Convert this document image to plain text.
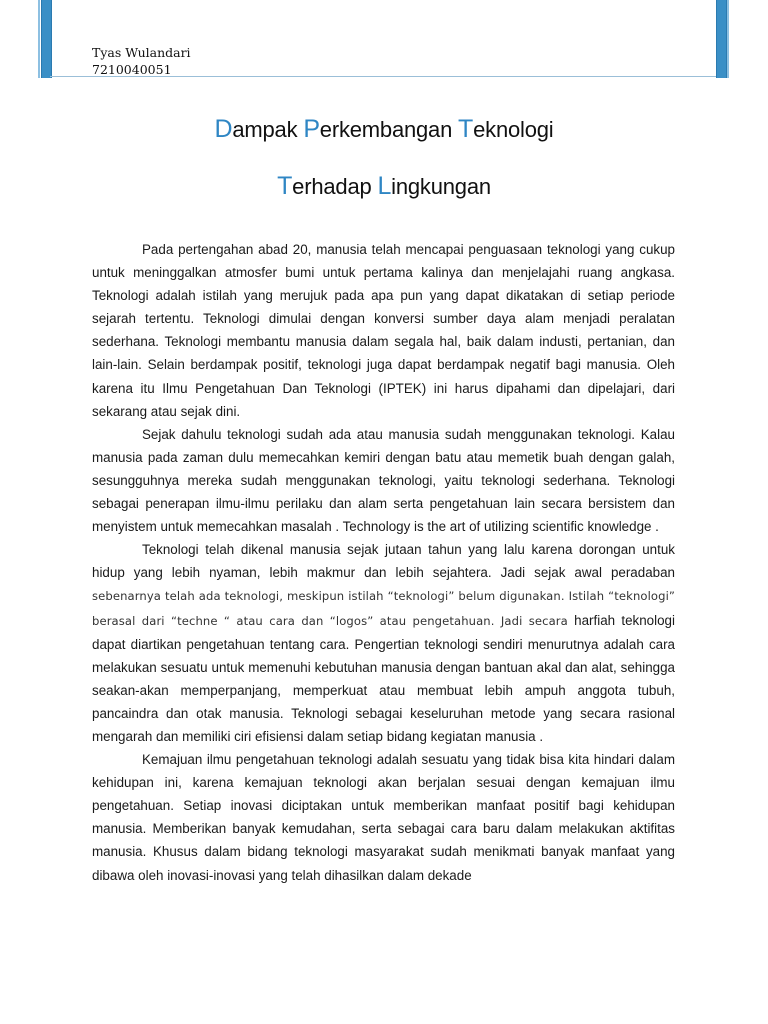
Tyas Wulandari
7210040051
Dampak Perkembangan Teknologi
Terhadap Lingkungan

Pada pertengahan abad 20, manusia telah mencapai penguasaan teknologi yang cukup untuk meninggalkan atmosfer bumi untuk pertama kalinya dan menjelajahi ruang angkasa. Teknologi adalah istilah yang merujuk pada apa pun yang dapat dikatakan di setiap periode sejarah tertentu. Teknologi dimulai dengan konversi sumber daya alam menjadi peralatan sederhana. Teknologi membantu manusia dalam segala hal, baik dalam industi, pertanian, dan lain-lain. Selain berdampak positif, teknologi juga dapat berdampak negatif bagi manusia. Oleh karena itu Ilmu Pengetahuan Dan Teknologi (IPTEK) ini harus dipahami dan dipelajari, dari sekarang atau sejak dini.

Sejak dahulu teknologi sudah ada atau manusia sudah menggunakan teknologi. Kalau manusia pada zaman dulu memecahkan kemiri dengan batu atau memetik buah dengan galah, sesungguhnya mereka sudah menggunakan teknologi, yaitu teknologi sederhana. Teknologi sebagai penerapan ilmu-ilmu perilaku dan alam serta pengetahuan lain secara bersistem dan menyistem untuk memecahkan masalah . Technology is the art of utilizing scientific knowledge .

Teknologi telah dikenal manusia sejak jutaan tahun yang lalu karena dorongan untuk hidup yang lebih nyaman, lebih makmur dan lebih sejahtera. Jadi sejak awal peradaban sebenarnya telah ada teknologi, meskipun istilah “teknologi” belum digunakan. Istilah “teknologi” berasal dari “techne “ atau cara dan “logos” atau pengetahuan. Jadi secara harfiah teknologi dapat diartikan pengetahuan tentang cara. Pengertian teknologi sendiri menurutnya adalah cara melakukan sesuatu untuk memenuhi kebutuhan manusia dengan bantuan akal dan alat, sehingga seakan-akan memperpanjang, memperkuat atau membuat lebih ampuh anggota tubuh, pancaindra dan otak manusia. Teknologi sebagai keseluruhan metode yang secara rasional mengarah dan memiliki ciri efisiensi dalam setiap bidang kegiatan manusia .

Kemajuan ilmu pengetahuan teknologi adalah sesuatu yang tidak bisa kita hindari dalam kehidupan ini, karena kemajuan teknologi akan berjalan sesuai dengan kemajuan ilmu pengetahuan. Setiap inovasi diciptakan untuk memberikan manfaat positif bagi kehidupan manusia. Memberikan banyak kemudahan, serta sebagai cara baru dalam melakukan aktifitas manusia. Khusus dalam bidang teknologi masyarakat sudah menikmati banyak manfaat yang dibawa oleh inovasi-inovasi yang telah dihasilkan dalam dekade
